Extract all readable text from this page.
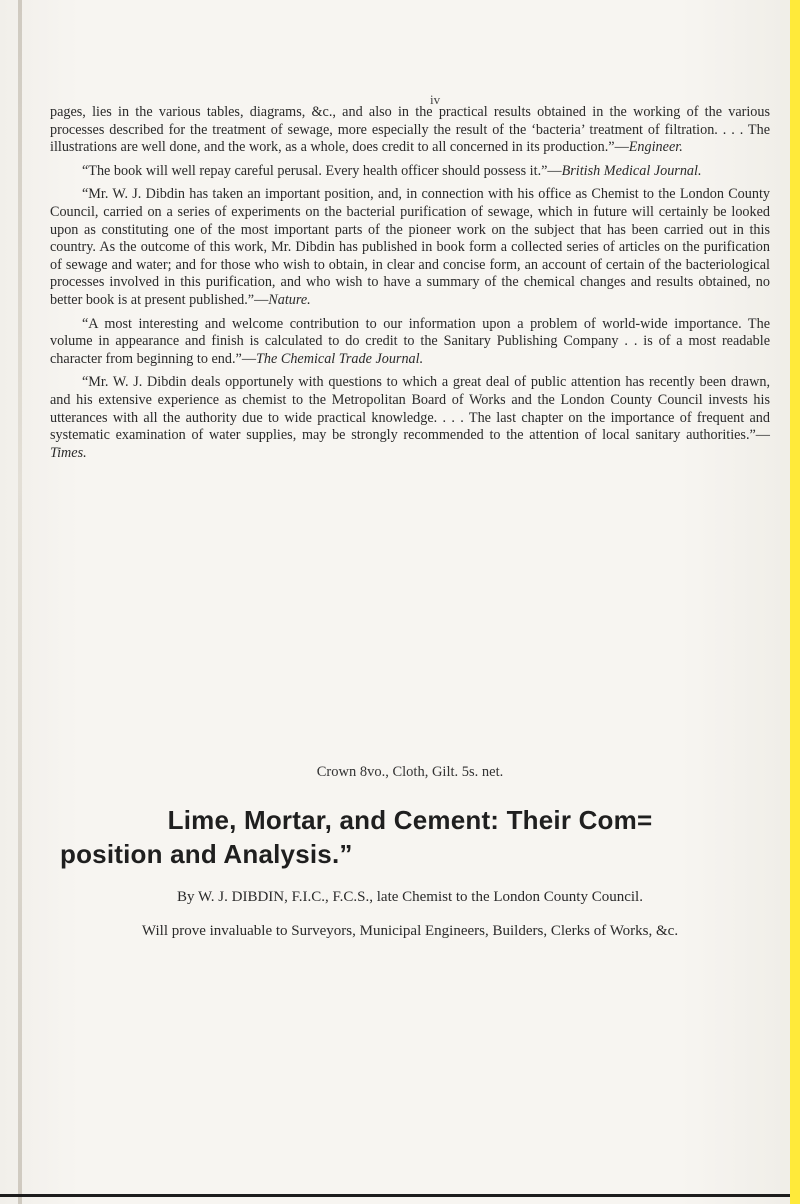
iv

pages, lies in the various tables, diagrams, &c., and also in the practical results obtained in the working of the various processes described for the treatment of sewage, more especially the result of the ‘bacteria’ treatment of filtration. . . . The illustrations are well done, and the work, as a whole, does credit to all concerned in its production.”—Engineer.

“The book will well repay careful perusal. Every health officer should possess it.”—British Medical Journal.

“Mr. W. J. Dibdin has taken an important position, and, in connection with his office as Chemist to the London County Council, carried on a series of experiments on the bacterial purification of sewage, which in future will certainly be looked upon as constituting one of the most important parts of the pioneer work on the subject that has been carried out in this country. As the outcome of this work, Mr. Dibdin has published in book form a collected series of articles on the purification of sewage and water; and for those who wish to obtain, in clear and concise form, an account of certain of the bacteriological processes involved in this purification, and who wish to have a summary of the chemical changes and results obtained, no better book is at present published.”—Nature.

“A most interesting and welcome contribution to our information upon a problem of world-wide importance. The volume in appearance and finish is calculated to do credit to the Sanitary Publishing Company . . is of a most readable character from beginning to end.”—The Chemical Trade Journal.

“Mr. W. J. Dibdin deals opportunely with questions to which a great deal of public attention has recently been drawn, and his extensive experience as chemist to the Metropolitan Board of Works and the London County Council invests his utterances with all the authority due to wide practical knowledge. . . . The last chapter on the importance of frequent and systematic examination of water supplies, may be strongly recommended to the attention of local sanitary authorities.”—Times.

Crown 8vo., Cloth, Gilt. 5s. net.

Lime, Mortar, and Cement: Their Com=
position and Analysis.”

By W. J. DIBDIN, F.I.C., F.C.S., late Chemist to the London County Council.

Will prove invaluable to Surveyors, Municipal Engineers, Builders, Clerks of Works, &c.
